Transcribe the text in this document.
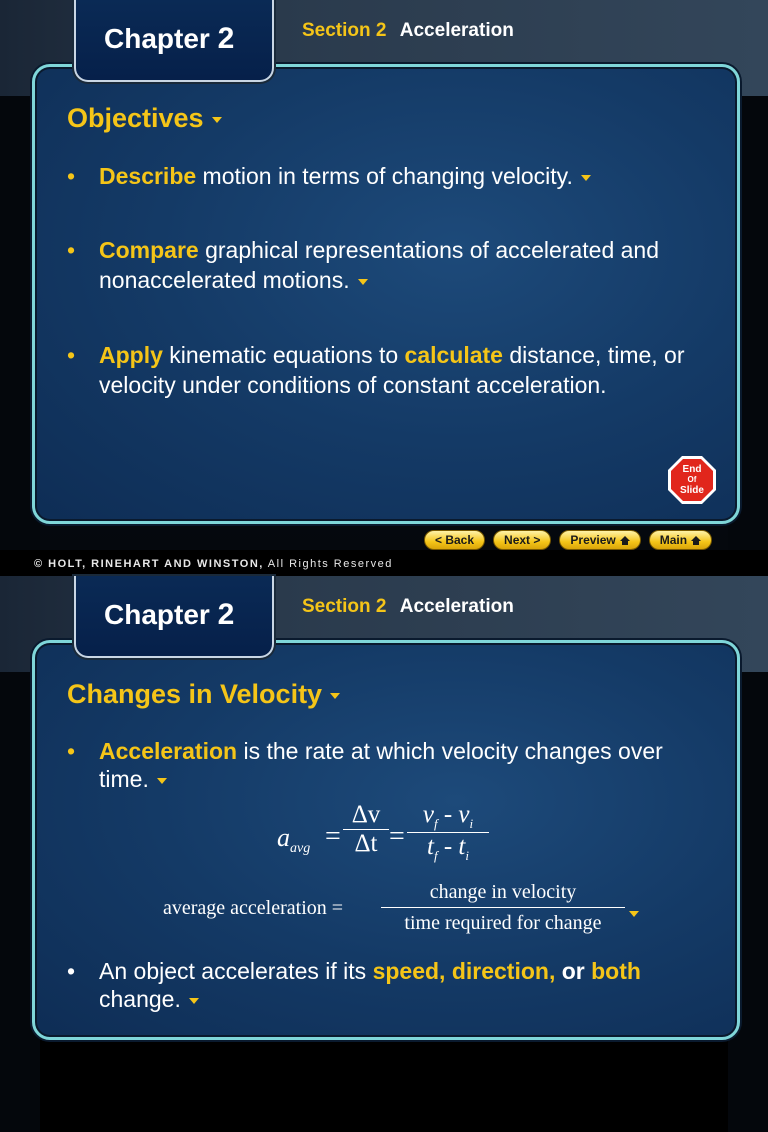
Chapter 2	Section 2 Acceleration
Objectives
• Describe motion in terms of changing velocity.
• Compare graphical representations of accelerated and nonaccelerated motions.
• Apply kinematic equations to calculate distance, time, or velocity under conditions of constant acceleration.
End
Of
Slide
< Back	Next >	Preview	Main
© HOLT, RINEHART AND WINSTON, All Rights Reserved
Chapter 2	Section 2 Acceleration
Changes in Velocity
• Acceleration is the rate at which velocity changes over time.
$a_{avg} = \frac{\Delta v}{\Delta t} = \frac{v_f - v_i}{t_f - t_i}$
average acceleration =
change in velocity
time required for change
• An object accelerates if its speed, direction, or both change.
